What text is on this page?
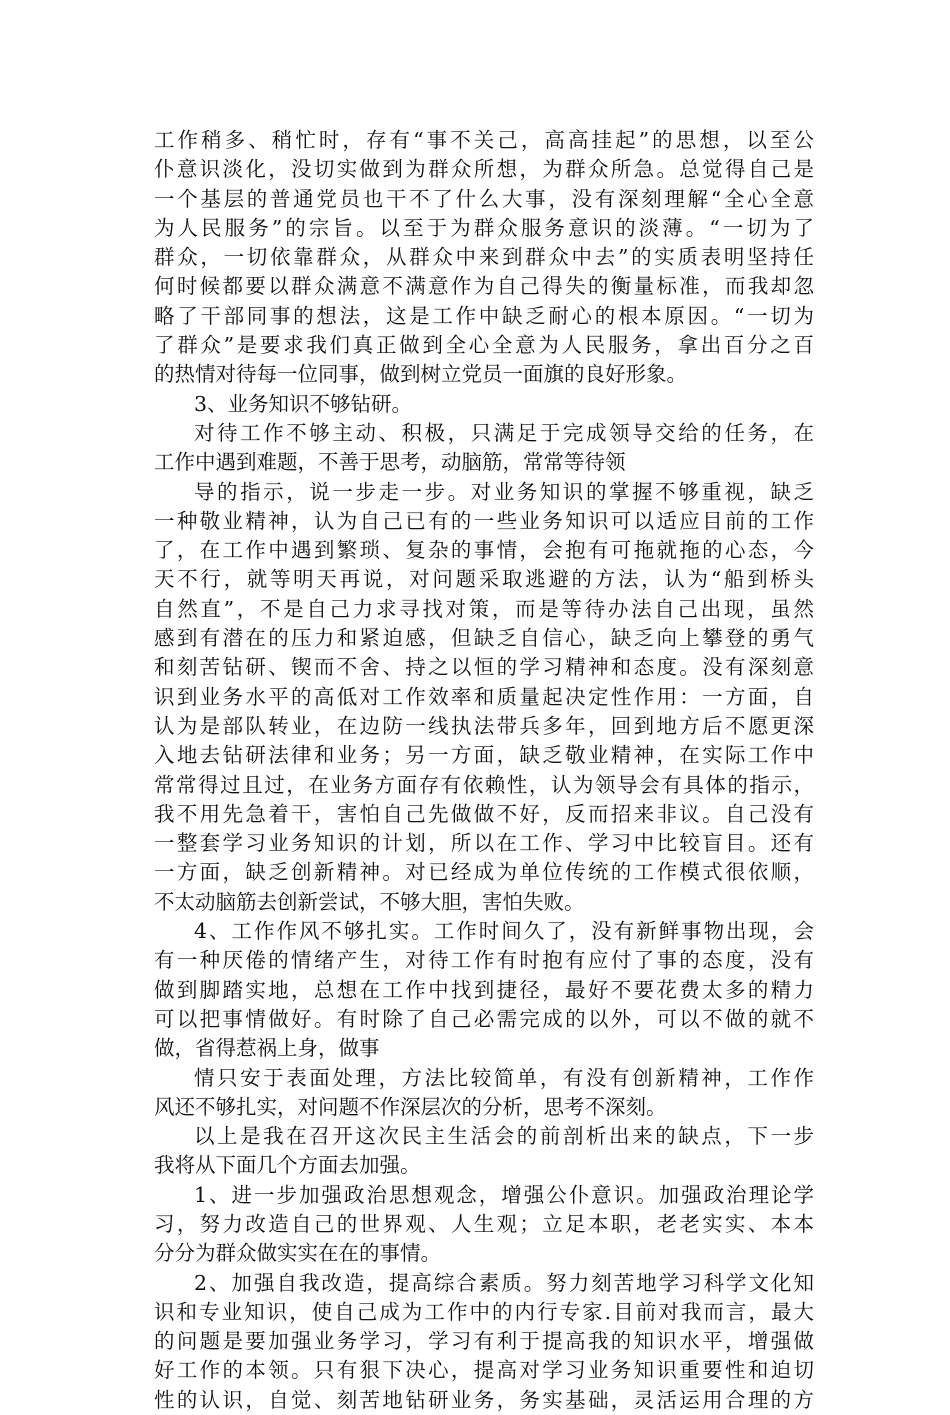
工作稍多、稍忙时，存有“事不关己，高高挂起”的思想，以至公
仆意识淡化，没切实做到为群众所想，为群众所急。总觉得自己是
一个基层的普通党员也干不了什么大事，没有深刻理解“全心全意
为人民服务”的宗旨。以至于为群众服务意识的淡薄。“一切为了
群众，一切依靠群众，从群众中来到群众中去”的实质表明坚持任
何时候都要以群众满意不满意作为自己得失的衡量标准，而我却忽
略了干部同事的想法，这是工作中缺乏耐心的根本原因。“一切为
了群众”是要求我们真正做到全心全意为人民服务，拿出百分之百
的热情对待每一位同事，做到树立党员一面旗的良好形象。
3、业务知识不够钻研。
对待工作不够主动、积极，只满足于完成领导交给的任务，在
工作中遇到难题，不善于思考，动脑筋，常常等待领
导的指示，说一步走一步。对业务知识的掌握不够重视，缺乏
一种敬业精神，认为自己已有的一些业务知识可以适应目前的工作
了，在工作中遇到繁琐、复杂的事情，会抱有可拖就拖的心态，今
天不行，就等明天再说，对问题采取逃避的方法，认为“船到桥头
自然直”，不是自己力求寻找对策，而是等待办法自己出现，虽然
感到有潜在的压力和紧迫感，但缺乏自信心，缺乏向上攀登的勇气
和刻苦钻研、锲而不舍、持之以恒的学习精神和态度。没有深刻意
识到业务水平的高低对工作效率和质量起决定性作用：一方面，自
认为是部队转业，在边防一线执法带兵多年，回到地方后不愿更深
入地去钻研法律和业务；另一方面，缺乏敬业精神，在实际工作中
常常得过且过，在业务方面存有依赖性，认为领导会有具体的指示，
我不用先急着干，害怕自己先做做不好，反而招来非议。自己没有
一整套学习业务知识的计划，所以在工作、学习中比较盲目。还有
一方面，缺乏创新精神。对已经成为单位传统的工作模式很依顺，
不太动脑筋去创新尝试，不够大胆，害怕失败。
4、工作作风不够扎实。工作时间久了，没有新鲜事物出现，会
有一种厌倦的情绪产生，对待工作有时抱有应付了事的态度，没有
做到脚踏实地，总想在工作中找到捷径，最好不要花费太多的精力
可以把事情做好。有时除了自己必需完成的以外，可以不做的就不
做，省得惹祸上身，做事
情只安于表面处理，方法比较简单，有没有创新精神，工作作
风还不够扎实，对问题不作深层次的分析，思考不深刻。
以上是我在召开这次民主生活会的前剖析出来的缺点，下一步
我将从下面几个方面去加强。
1、进一步加强政治思想观念，增强公仆意识。加强政治理论学
习，努力改造自己的世界观、人生观；立足本职，老老实实、本本
分分为群众做实实在在的事情。
2、加强自我改造，提高综合素质。努力刻苦地学习科学文化知
识和专业知识，使自己成为工作中的内行专家.目前对我而言，最大
的问题是要加强业务学习，学习有利于提高我的知识水平，增强做
好工作的本领。只有狠下决心，提高对学习业务知识重要性和迫切
性的认识，自觉、刻苦地钻研业务，务实基础，灵活运用合理的方
